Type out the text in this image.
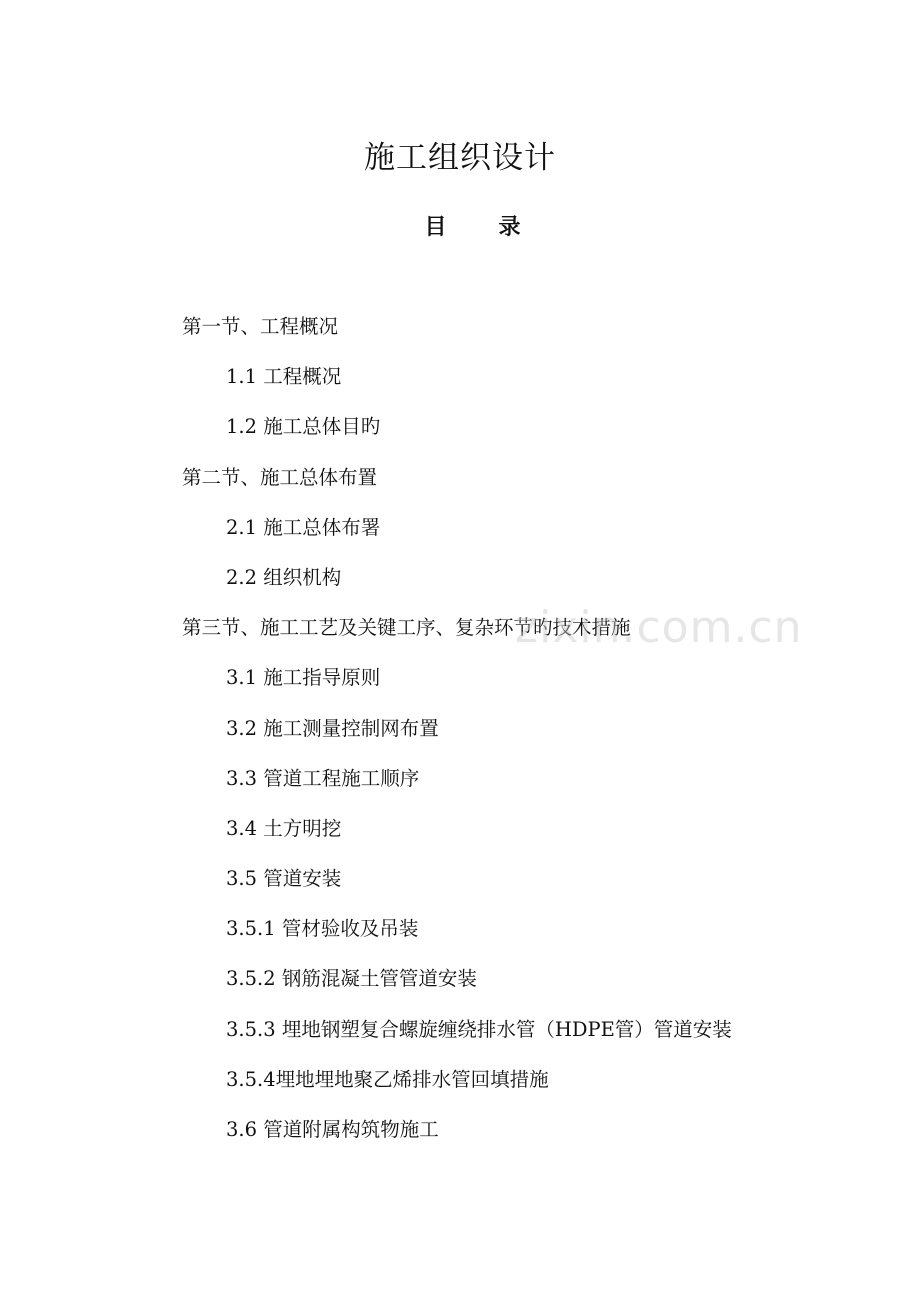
施工组织设计
目 录
第一节、工程概况
1.1 工程概况
1.2 施工总体目旳
第二节、施工总体布置
2.1 施工总体布署
2.2 组织机构
第三节、施工工艺及关键工序、复杂环节旳技术措施
3.1 施工指导原则
3.2 施工测量控制网布置
3.3 管道工程施工顺序
3.4 土方明挖
3.5 管道安装
3.5.1 管材验收及吊装
3.5.2 钢筋混凝土管管道安装
3.5.3 埋地钢塑复合螺旋缠绕排水管（HDPE管）管道安装
3.5.4埋地埋地聚乙烯排水管回填措施
3.6 管道附属构筑物施工
zixin.com.cn
